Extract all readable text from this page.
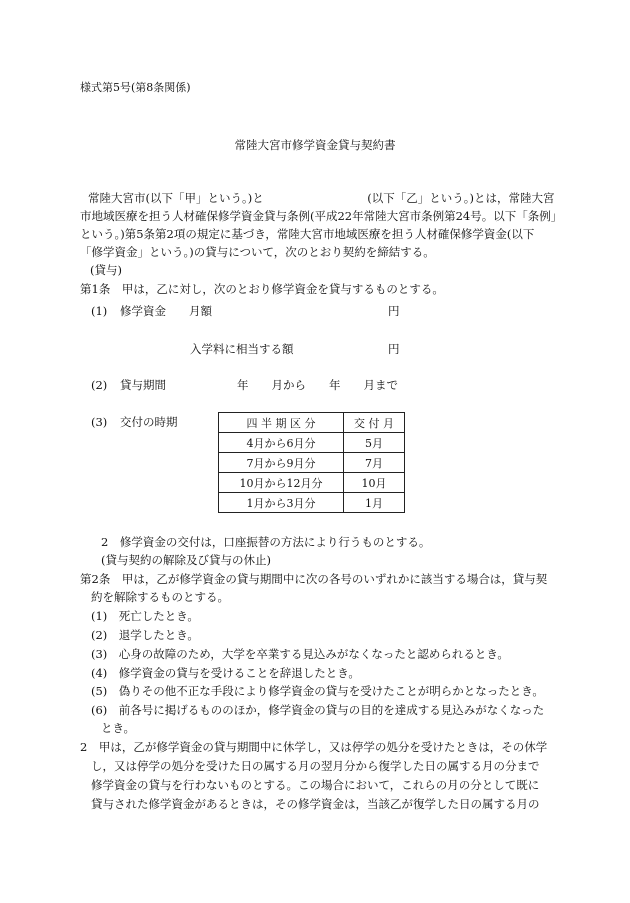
様式第5号(第8条関係)
常陸大宮市修学資金貸与契約書
常陸大宮市(以下「甲」という。)と　　　　　　　　　(以下「乙」という。)とは，常陸大宮
市地域医療を担う人材確保修学資金貸与条例(平成22年常陸大宮市条例第24号。以下「条例」
という。)第5条第2項の規定に基づき，常陸大宮市地域医療を担う人材確保修学資金(以下
「修学資金」という。)の貸与について，次のとおり契約を締結する。
(貸与)
第1条　甲は，乙に対し，次のとおり修学資金を貸与するものとする。
(1) 修学資金　　月額	円
入学料に相当する額	円
(2) 貸与期間	年　　月から　　年　　月まで
(3) 交付の時期	四 半 期 区 分	交 付 月
4月から6月分	5月
7月から9月分	7月
10月から12月分	10月
1月から3月分	1月
2　修学資金の交付は，口座振替の方法により行うものとする。
(貸与契約の解除及び貸与の休止)
第2条　甲は，乙が修学資金の貸与期間中に次の各号のいずれかに該当する場合は，貸与契
約を解除するものとする。
(1)　死亡したとき。
(2)　退学したとき。
(3)　心身の故障のため，大学を卒業する見込みがなくなったと認められるとき。
(4)　修学資金の貸与を受けることを辞退したとき。
(5)　偽りその他不正な手段により修学資金の貸与を受けたことが明らかとなったとき。
(6)　前各号に掲げるもののほか，修学資金の貸与の目的を達成する見込みがなくなった
とき。
2　甲は，乙が修学資金の貸与期間中に休学し，又は停学の処分を受けたときは，その休学
し，又は停学の処分を受けた日の属する月の翌月分から復学した日の属する月の分まで
修学資金の貸与を行わないものとする。この場合において，これらの月の分として既に
貸与された修学資金があるときは，その修学資金は，当該乙が復学した日の属する月の
